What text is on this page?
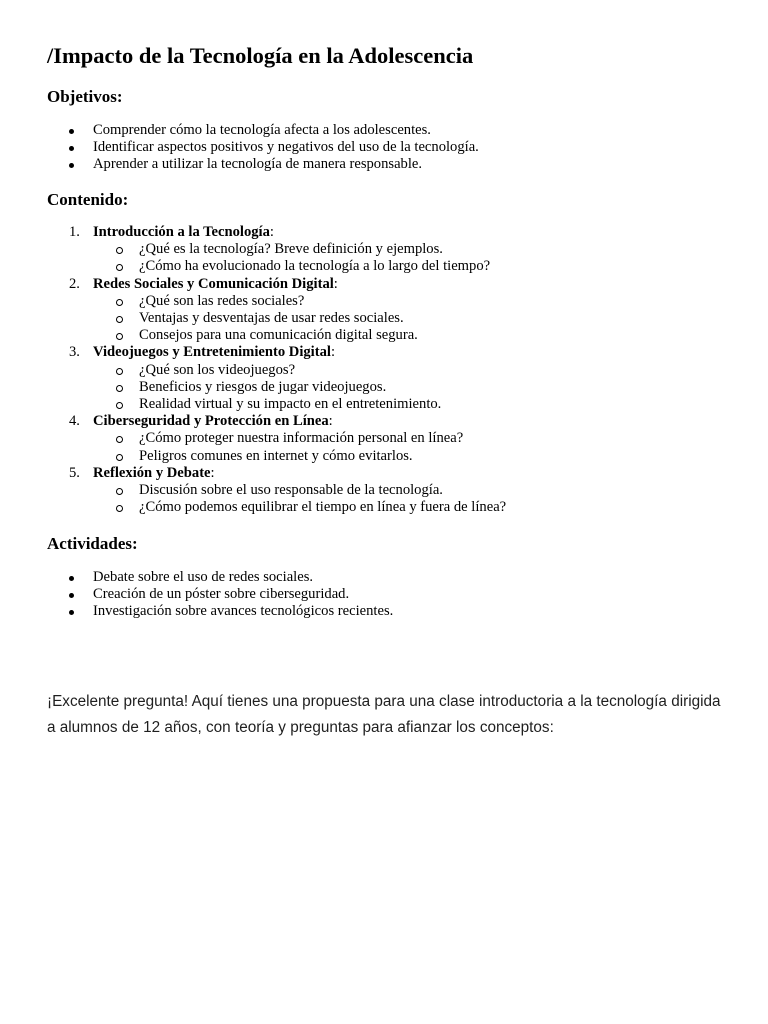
/Impacto de la Tecnología en la Adolescencia
Objetivos:
Comprender cómo la tecnología afecta a los adolescentes.
Identificar aspectos positivos y negativos del uso de la tecnología.
Aprender a utilizar la tecnología de manera responsable.
Contenido:
1. Introducción a la Tecnología:
¿Qué es la tecnología? Breve definición y ejemplos.
¿Cómo ha evolucionado la tecnología a lo largo del tiempo?
2. Redes Sociales y Comunicación Digital:
¿Qué son las redes sociales?
Ventajas y desventajas de usar redes sociales.
Consejos para una comunicación digital segura.
3. Videojuegos y Entretenimiento Digital:
¿Qué son los videojuegos?
Beneficios y riesgos de jugar videojuegos.
Realidad virtual y su impacto en el entretenimiento.
4. Ciberseguridad y Protección en Línea:
¿Cómo proteger nuestra información personal en línea?
Peligros comunes en internet y cómo evitarlos.
5. Reflexión y Debate:
Discusión sobre el uso responsable de la tecnología.
¿Cómo podemos equilibrar el tiempo en línea y fuera de línea?
Actividades:
Debate sobre el uso de redes sociales.
Creación de un póster sobre ciberseguridad.
Investigación sobre avances tecnológicos recientes.

¡Excelente pregunta! Aquí tienes una propuesta para una clase introductoria a la tecnología dirigida a alumnos de 12 años, con teoría y preguntas para afianzar los conceptos:
